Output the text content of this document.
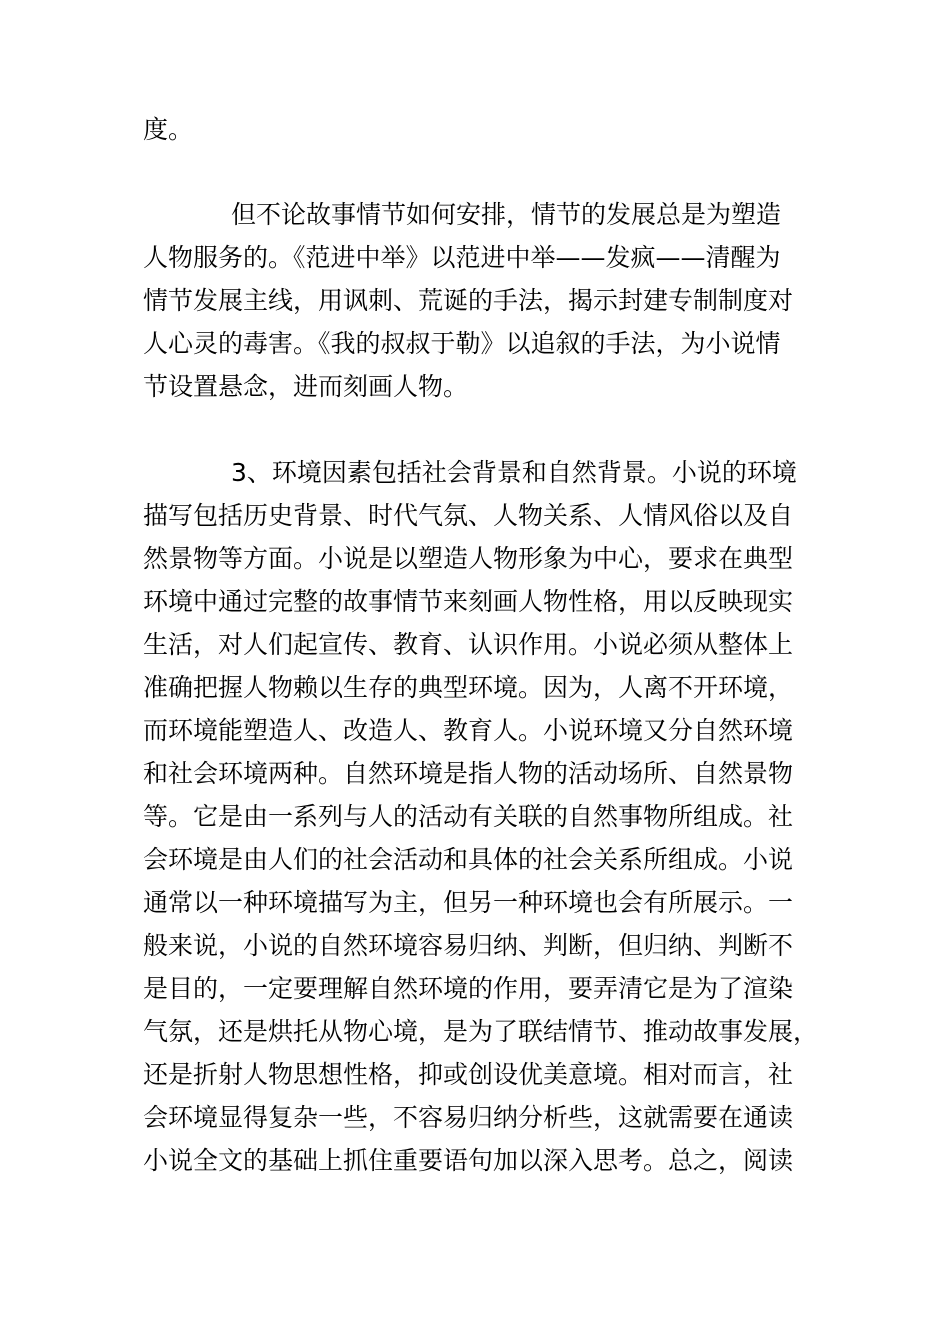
度。
但不论故事情节如何安排，情节的发展总是为塑造
人物服务的。《范进中举》以范进中举——发疯——清醒为
情节发展主线，用讽刺、荒诞的手法，揭示封建专制制度对
人心灵的毒害。《我的叔叔于勒》以追叙的手法，为小说情
节设置悬念，进而刻画人物。
3、环境因素包括社会背景和自然背景。小说的环境
描写包括历史背景、时代气氛、人物关系、人情风俗以及自
然景物等方面。小说是以塑造人物形象为中心，要求在典型
环境中通过完整的故事情节来刻画人物性格，用以反映现实
生活，对人们起宣传、教育、认识作用。小说必须从整体上
准确把握人物赖以生存的典型环境。因为，人离不开环境，
而环境能塑造人、改造人、教育人。小说环境又分自然环境
和社会环境两种。自然环境是指人物的活动场所、自然景物
等。它是由一系列与人的活动有关联的自然事物所组成。社
会环境是由人们的社会活动和具体的社会关系所组成。小说
通常以一种环境描写为主，但另一种环境也会有所展示。一
般来说，小说的自然环境容易归纳、判断，但归纳、判断不
是目的，一定要理解自然环境的作用，要弄清它是为了渲染
气氛，还是烘托从物心境，是为了联结情节、推动故事发展，
还是折射人物思想性格，抑或创设优美意境。相对而言，社
会环境显得复杂一些，不容易归纳分析些，这就需要在通读
小说全文的基础上抓住重要语句加以深入思考。总之，阅读
